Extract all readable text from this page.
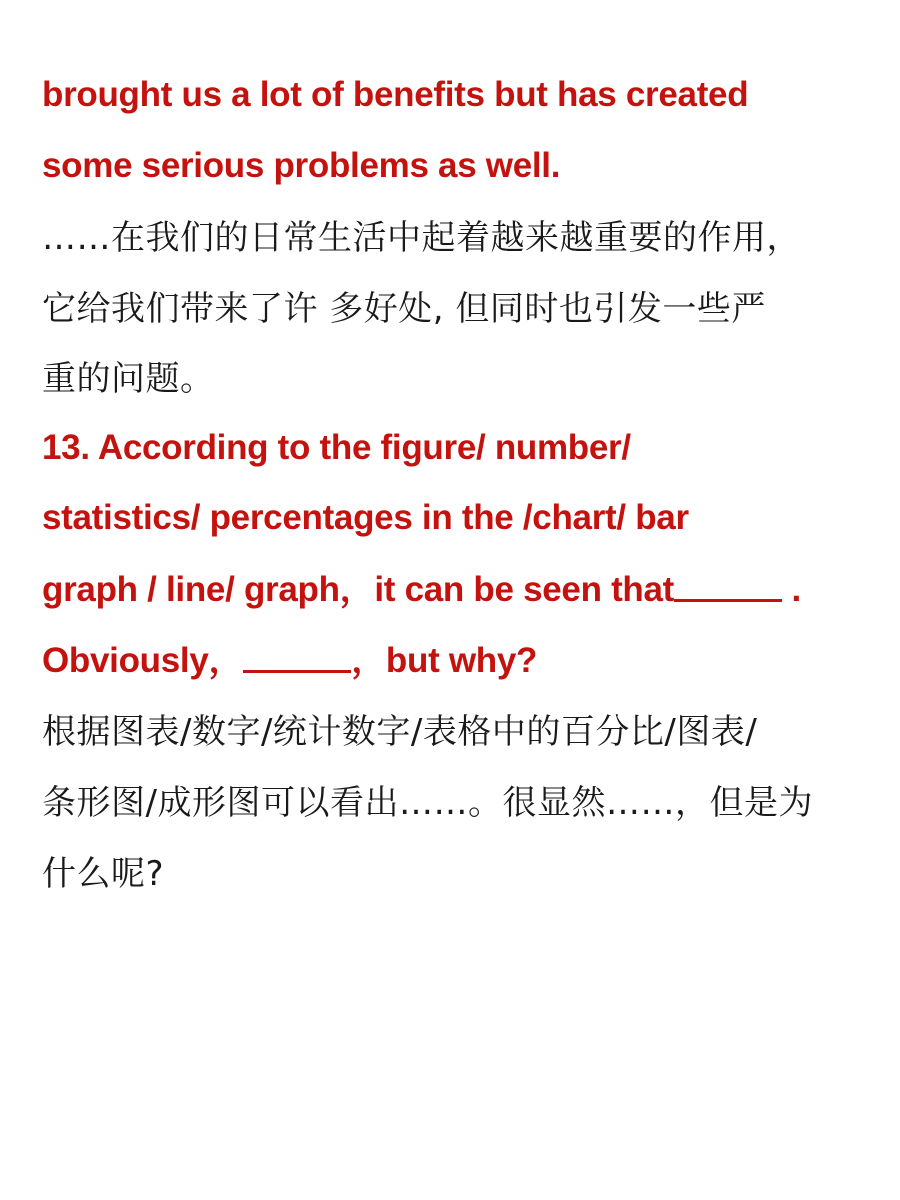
brought us a lot of benefits but has created
some serious problems as well.
……在我们的日常生活中起着越来越重要的作用，
它给我们带来了许 多好处, 但同时也引发一些严
重的问题。
13. According to the figure/ number/
statistics/ percentages in the /chart/ bar
graph / line/ graph，it can be seen that	.
Obviously，	，but why?
根据图表/数字/统计数字/表格中的百分比/图表/
条形图/成形图可以看出……。很显然……，但是为
什么呢?
